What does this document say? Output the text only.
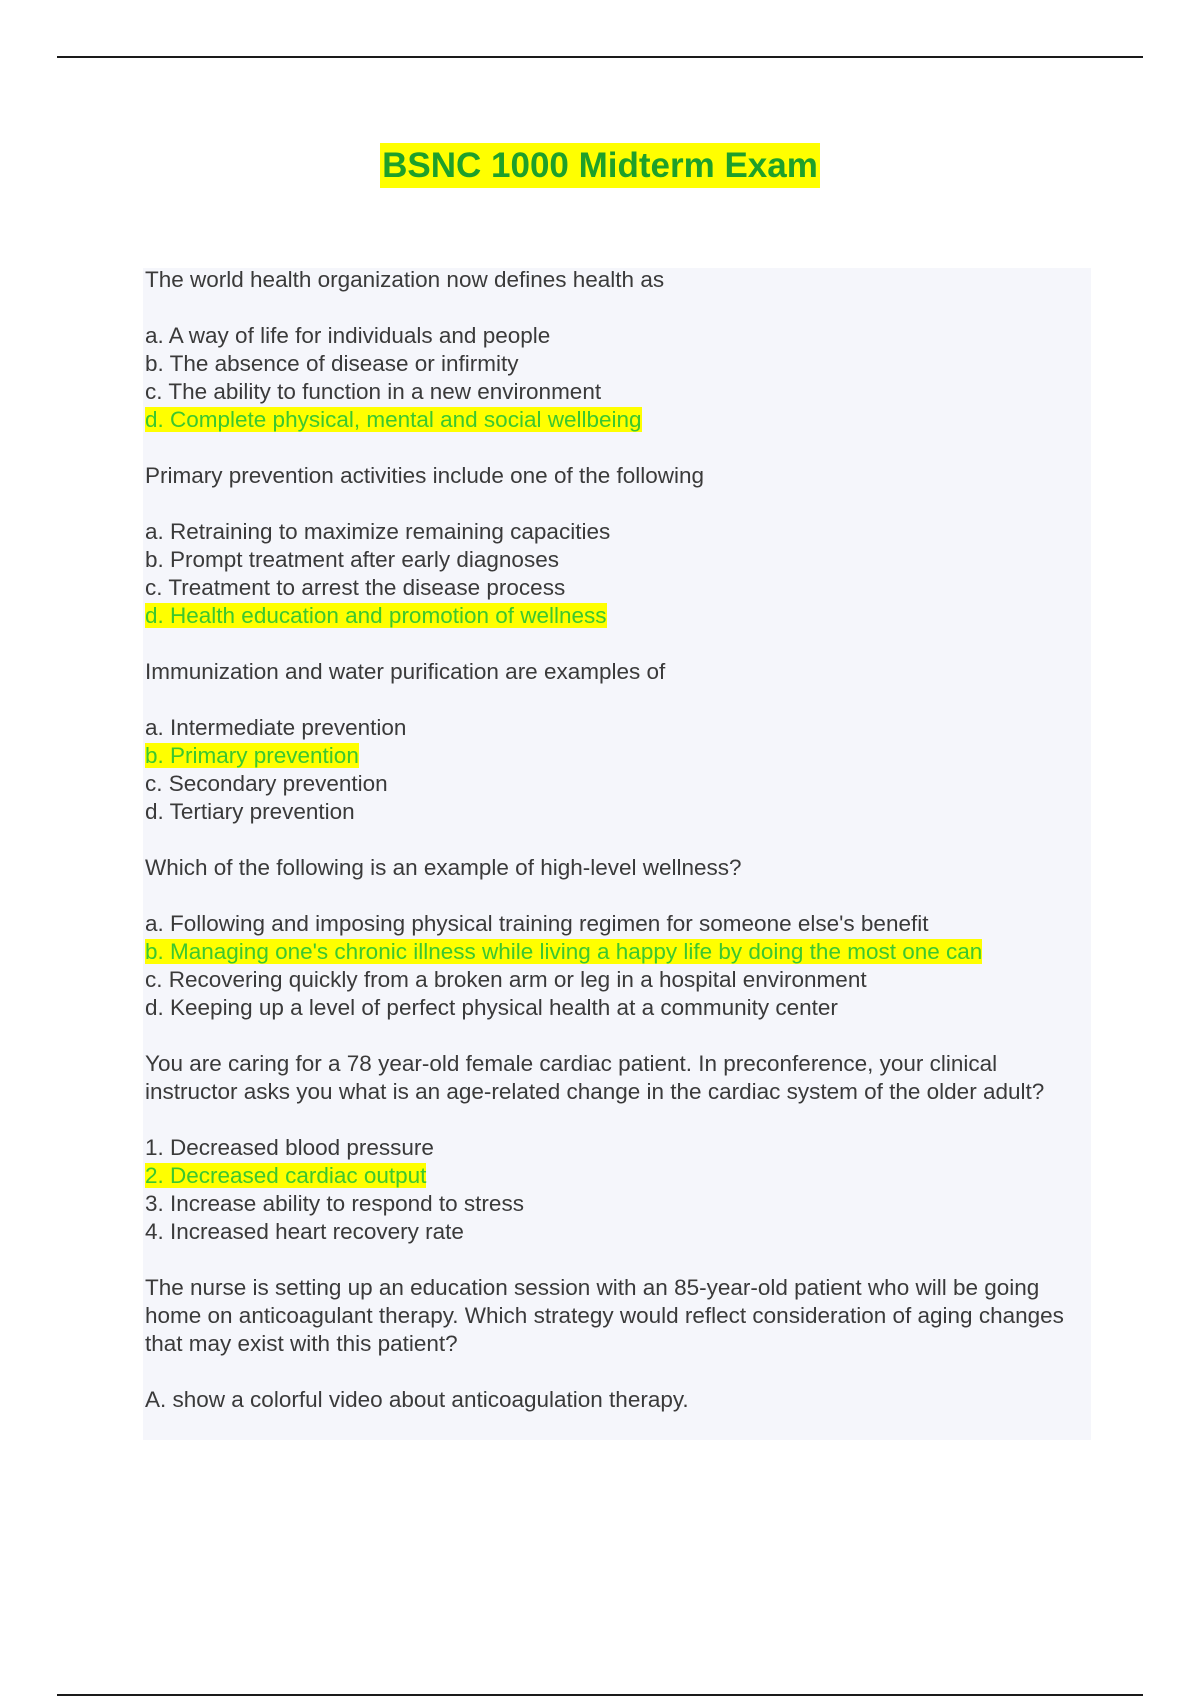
BSNC 1000 Midterm Exam
The world health organization now defines health as
a. A way of life for individuals and people
b. The absence of disease or infirmity
c. The ability to function in a new environment
d. Complete physical, mental and social wellbeing
Primary prevention activities include one of the following
a. Retraining to maximize remaining capacities
b. Prompt treatment after early diagnoses
c. Treatment to arrest the disease process
d. Health education and promotion of wellness
Immunization and water purification are examples of
a. Intermediate prevention
b. Primary prevention
c. Secondary prevention
d. Tertiary prevention
Which of the following is an example of high-level wellness?
a. Following and imposing physical training regimen for someone else's benefit
b. Managing one's chronic illness while living a happy life by doing the most one can
c. Recovering quickly from a broken arm or leg in a hospital environment
d. Keeping up a level of perfect physical health at a community center
You are caring for a 78 year-old female cardiac patient. In preconference, your clinical instructor asks you what is an age-related change in the cardiac system of the older adult?
1. Decreased blood pressure
2. Decreased cardiac output
3. Increase ability to respond to stress
4. Increased heart recovery rate
The nurse is setting up an education session with an 85-year-old patient who will be going home on anticoagulant therapy. Which strategy would reflect consideration of aging changes that may exist with this patient?
A. show a colorful video about anticoagulation therapy.
